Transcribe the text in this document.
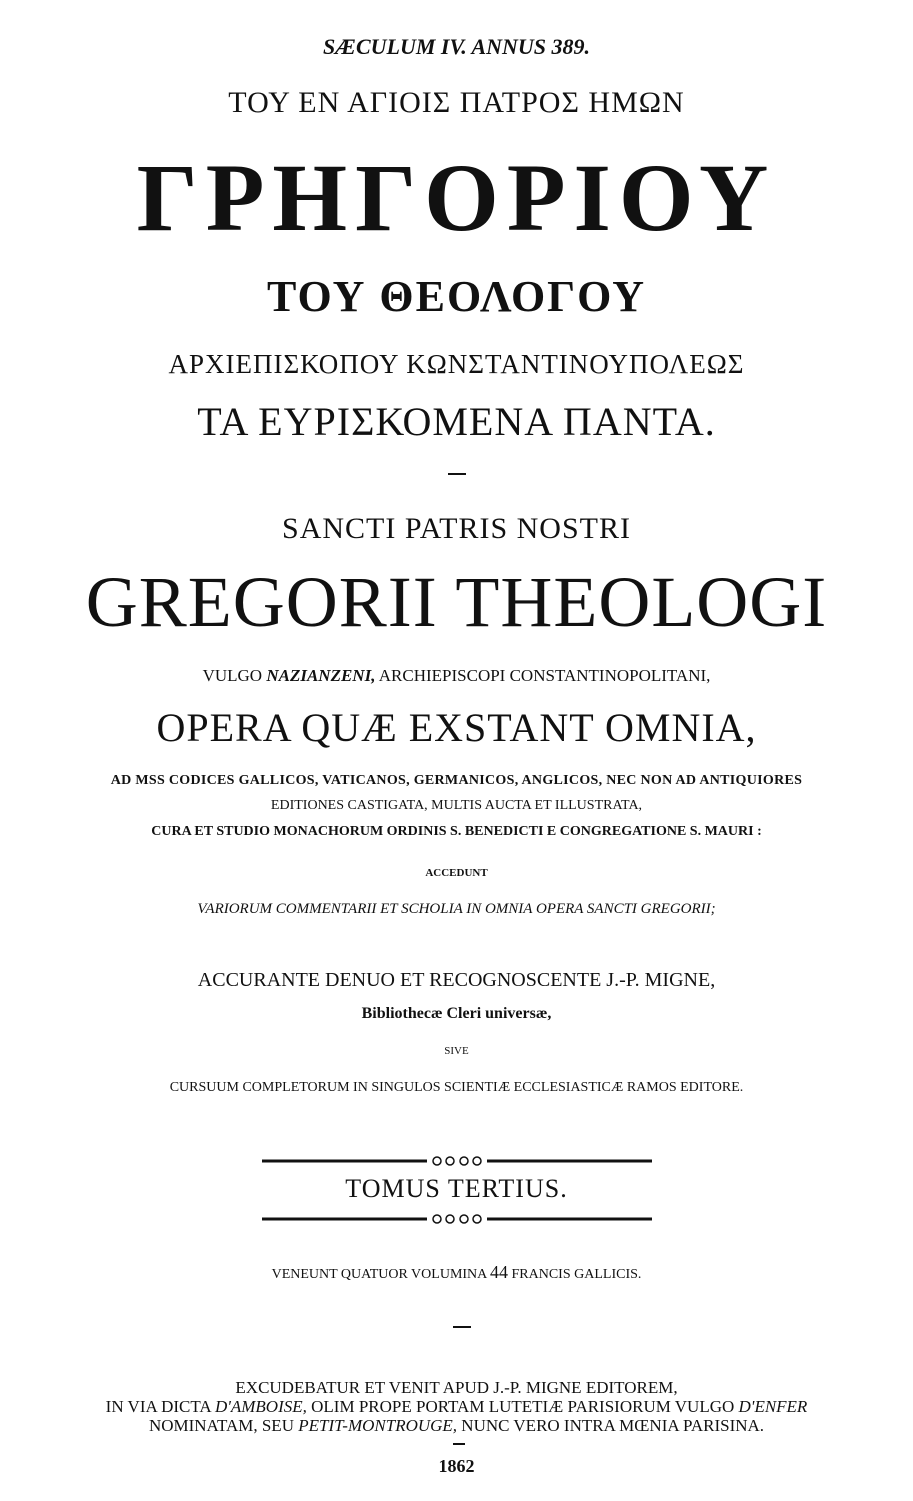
SÆCULUM IV. ANNUS 389.
ΤΟΥ ΕΝ ΑΓΙΟΙΣ ΠΑΤΡΟΣ ΗΜΩΝ
ΓΡΗΓΟΡΙΟΥ
ΤΟΥ ΘΕΟΛΟΓΟΥ
ΑΡΧΙΕΠΙΣΚΟΠΟΥ ΚΩΝΣΤΑΝΤΙΝΟΥΠΟΛΕΩΣ
ΤΑ ΕΥΡΙΣΚΟΜΕΝΑ ΠΑΝΤΑ.
SANCTI PATRIS NOSTRI
GREGORII THEOLOGI
VULGO NAZIANZENI, ARCHIEPISCOPI CONSTANTINOPOLITANI,
OPERA QUÆ EXSTANT OMNIA,
AD MSS CODICES GALLICOS, VATICANOS, GERMANICOS, ANGLICOS, NEC NON AD ANTIQUIORES
EDITIONES CASTIGATA, MULTIS AUCTA ET ILLUSTRATA,
CURA ET STUDIO MONACHORUM ORDINIS S. BENEDICTI E CONGREGATIONE S. MAURI :
ACCEDUNT
VARIORUM COMMENTARII ET SCHOLIA IN OMNIA OPERA SANCTI GREGORII;
ACCURANTE DENUO ET RECOGNOSCENTE J.-P. MIGNE,
Bibliothecæ Cleri universæ,
SIVE
CURSUUM COMPLETORUM IN SINGULOS SCIENTIÆ ECCLESIASTICÆ RAMOS EDITORE.
TOMUS TERTIUS.
VENEUNT QUATUOR VOLUMINA 44 FRANCIS GALLICIS.
EXCUDEBATUR ET VENIT APUD J.-P. MIGNE EDITOREM,
IN VIA DICTA D'AMBOISE, OLIM PROPE PORTAM LUTETIÆ PARISIORUM VULGO D'ENFER
NOMINATAM, SEU PETIT-MONTROUGE, NUNC VERO INTRA MŒNIA PARISINA.
1862
